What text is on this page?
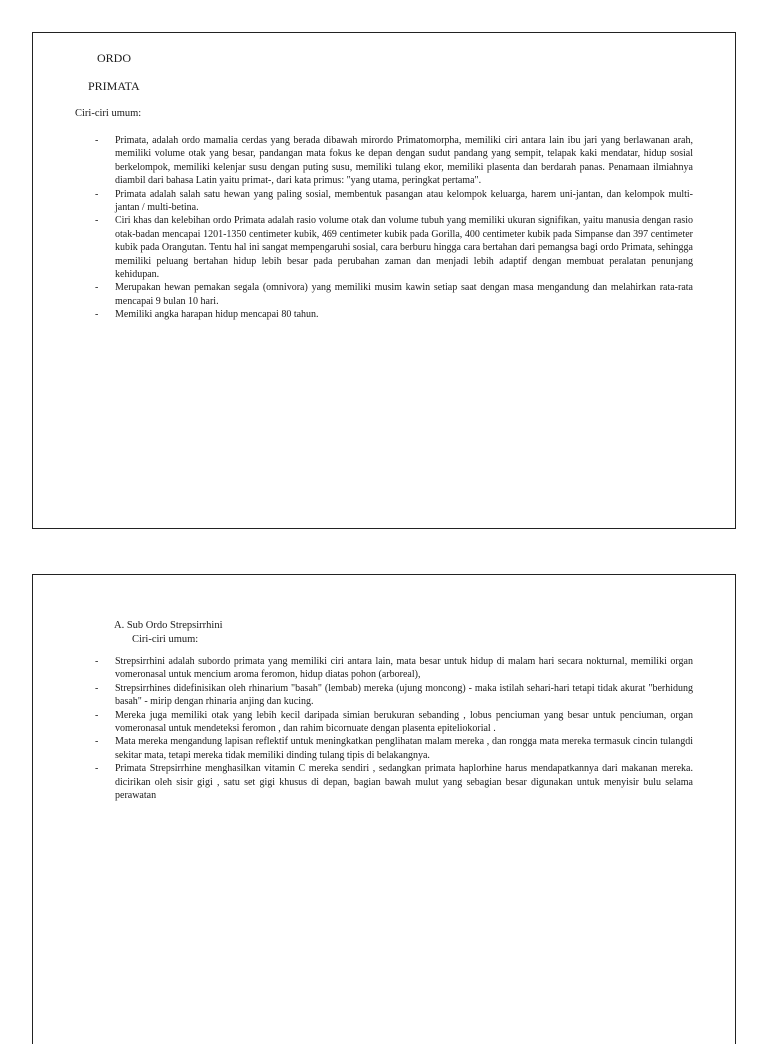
ORDO
PRIMATA
Ciri-ciri umum:
- Primata, adalah ordo mamalia cerdas yang berada dibawah mirordo Primatomorpha, memiliki ciri antara lain ibu jari yang berlawanan arah, memiliki volume otak yang besar, pandangan mata fokus ke depan dengan sudut pandang yang sempit, telapak kaki mendatar, hidup sosial berkelompok, memiliki kelenjar susu dengan puting susu, memiliki tulang ekor, memiliki plasenta dan berdarah panas. Penamaan ilmiahnya diambil dari bahasa Latin yaitu primat-, dari kata primus: "yang utama, peringkat pertama".
- Primata adalah salah satu hewan yang paling sosial, membentuk pasangan atau kelompok keluarga, harem uni-jantan, dan kelompok multi-jantan / multi-betina.
- Ciri khas dan kelebihan ordo Primata adalah rasio volume otak dan volume tubuh yang memiliki ukuran signifikan, yaitu manusia dengan rasio otak-badan mencapai 1201-1350 centimeter kubik, 469 centimeter kubik pada Gorilla, 400 centimeter kubik pada Simpanse dan 397 centimeter kubik pada Orangutan. Tentu hal ini sangat mempengaruhi sosial, cara berburu hingga cara bertahan dari pemangsa bagi ordo Primata, sehingga memiliki peluang bertahan hidup lebih besar pada perubahan zaman dan menjadi lebih adaptif dengan membuat peralatan penunjang kehidupan.
- Merupakan hewan pemakan segala (omnivora) yang memiliki musim kawin setiap saat dengan masa mengandung dan melahirkan rata-rata mencapai 9 bulan 10 hari.
- Memiliki angka harapan hidup mencapai 80 tahun.
A. Sub Ordo Strepsirrhini
Ciri-ciri umum:
- Strepsirrhini adalah subordo primata yang memiliki ciri antara lain, mata besar untuk hidup di malam hari secara nokturnal, memiliki organ vomeronasal untuk mencium aroma feromon, hidup diatas pohon (arboreal),
- Strepsirrhines didefinisikan oleh rhinarium "basah" (lembab) mereka (ujung moncong) - maka istilah sehari-hari tetapi tidak akurat "berhidung basah" - mirip dengan rhinaria anjing dan kucing.
- Mereka juga memiliki otak yang lebih kecil daripada simian berukuran sebanding , lobus penciuman yang besar untuk penciuman, organ vomeronasal untuk mendeteksi feromon , dan rahim bicornuate dengan plasenta epiteliokorial .
- Mata mereka mengandung lapisan reflektif untuk meningkatkan penglihatan malam mereka , dan rongga mata mereka termasuk cincin tulangdi sekitar mata, tetapi mereka tidak memiliki dinding tulang tipis di belakangnya.
- Primata Strepsirrhine menghasilkan vitamin C mereka sendiri , sedangkan primata haplorhine harus mendapatkannya dari makanan mereka. dicirikan oleh sisir gigi , satu set gigi khusus di depan, bagian bawah mulut yang sebagian besar digunakan untuk menyisir bulu selama perawatan
